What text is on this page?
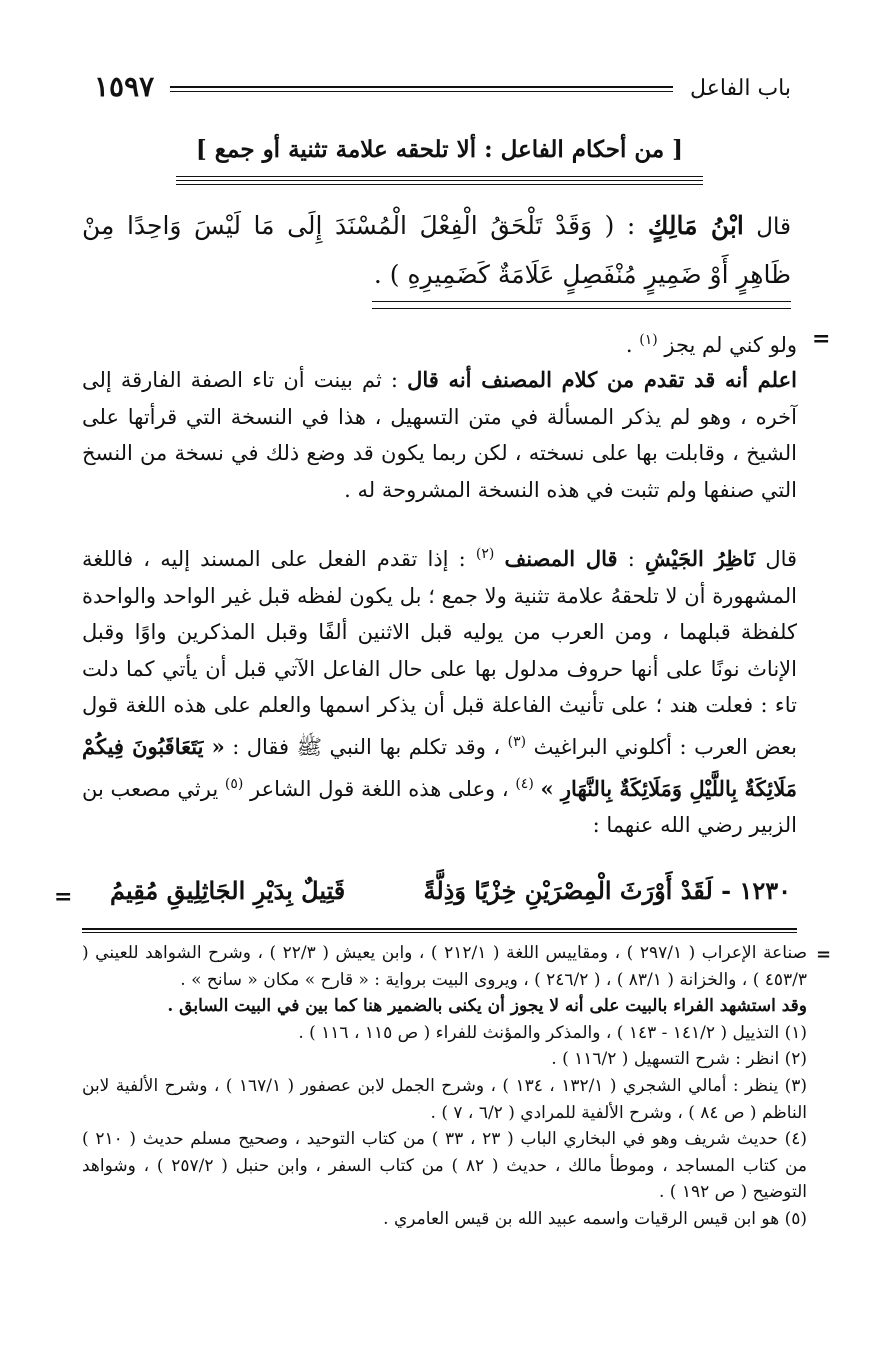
باب الفاعل
١٥٩٧
[ من أحكام الفاعل : ألا تلحقه علامة تثنية أو جمع ]
قال ابْنُ مَالِكٍ : ( وَقَدْ تَلْحَقُ الْفِعْلَ الْمُسْنَدَ إِلَى مَا لَيْسَ وَاحِدًا مِنْ ظَاهِرٍ أَوْ ضَمِيرٍ مُنْفَصِلٍ عَلَامَةٌ كَضَمِيرِهِ ) .
=
ولو كني لم يجز $^{(١)}$ .
اعلم أنه قد تقدم من كلام المصنف أنه قال : ثم بينت أن تاء الصفة الفارقة إلى آخره ، وهو لم يذكر المسألة في متن التسهيل ، هذا في النسخة التي قرأتها على الشيخ ، وقابلت بها على نسخته ، لكن ربما يكون قد وضع ذلك في نسخة من النسخ التي صنفها ولم تثبت في هذه النسخة المشروحة له .
قال نَاظِرُ الجَيْشِ : قال المصنف $^{(٢)}$ : إذا تقدم الفعل على المسند إليه ، فاللغة المشهورة أن لا تلحقهُ علامة تثنية ولا جمع ؛ بل يكون لفظه قبل غير الواحد والواحدة كلفظة قبلهما ، ومن العرب من يوليه قبل الاثنين ألفًا وقبل المذكرين واوًا وقبل الإناث نونًا على أنها حروف مدلول بها على حال الفاعل الآتي قبل أن يأتي كما دلت تاء : فعلت هند ؛ على تأنيث الفاعلة قبل أن يذكر اسمها والعلم على هذه اللغة قول بعض العرب : أكلوني البراغيث $^{(٣)}$ ، وقد تكلم بها النبي ﷺ فقال : « يَتَعَاقَبُونَ فِيكُمْ مَلَائِكَةٌ بِاللَّيْلِ وَمَلَائِكَةٌ بِالنَّهَارِ » $^{(٤)}$ ، وعلى هذه اللغة قول الشاعر $^{(٥)}$ يرثي مصعب بن الزبير رضي الله عنهما :
١٢٣٠ - لَقَدْ أَوْرَثَ الْمِصْرَيْنِ خِزْيًا وَذِلَّةً
قَتِيلٌ بِدَيْرِ الجَاثِلِيقِ مُقِيمُ
=
=

صناعة الإعراب ( ٢٩٧/١ ) ، ومقاييس اللغة ( ٢١٢/١ ) ، وابن يعيش ( ٢٢/٣ ) ، وشرح الشواهد للعيني ( ٤٥٣/٣ ) ، والخزانة ( ٨٣/١ ) ، ( ٢٤٦/٢ ) ، ويروى البيت برواية : « قارح » مكان « سانح » .

وقد استشهد الفراء بالبيت على أنه لا يجوز أن يكنى بالضمير هنا كما بين في البيت السابق .

(١) التذييل ( ١٤١/٢ - ١٤٣ ) ، والمذكر والمؤنث للفراء ( ص ١١٥ ، ١١٦ ) .

(٢) انظر : شرح التسهيل ( ١١٦/٢ ) .

(٣) ينظر : أمالي الشجري ( ١٣٢/١ ، ١٣٤ ) ، وشرح الجمل لابن عصفور ( ١٦٧/١ ) ، وشرح الألفية لابن الناظم ( ص ٨٤ ) ، وشرح الألفية للمرادي ( ٦/٢ ، ٧ ) .

(٤) حديث شريف وهو في البخاري الباب ( ٢٣ ، ٣٣ ) من كتاب التوحيد ، وصحيح مسلم حديث ( ٢١٠ ) من كتاب المساجد ، وموطأ مالك ، حديث ( ٨٢ ) من كتاب السفر ، وابن حنبل ( ٢٥٧/٢ ) ، وشواهد التوضيح ( ص ١٩٢ ) .

(٥) هو ابن قيس الرقيات واسمه عبيد الله بن قيس العامري .
